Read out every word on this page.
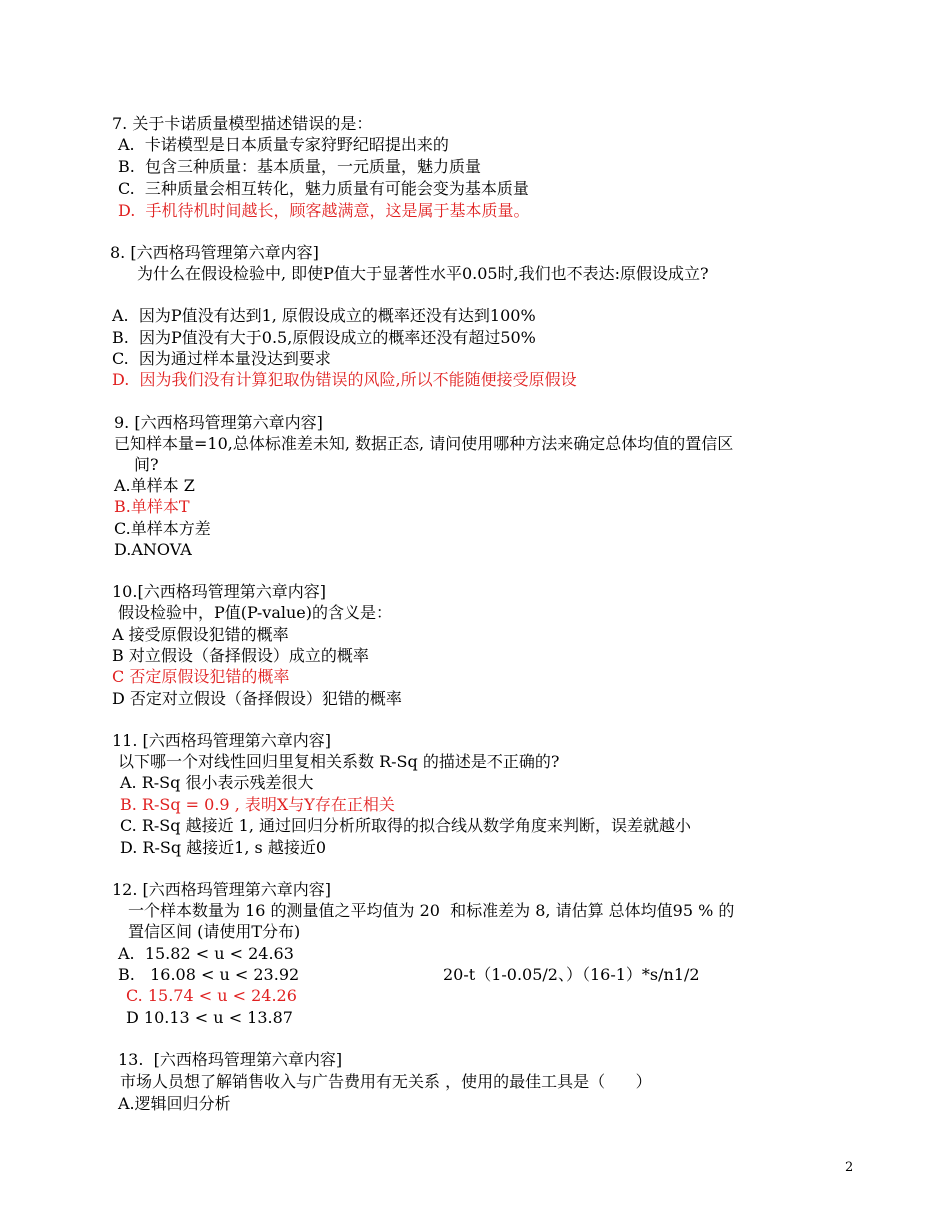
7. 关于卡诺质量模型描述错误的是：
A.  卡诺模型是日本质量专家狩野纪昭提出来的
B.  包含三种质量：基本质量，一元质量，魅力质量
C.  三种质量会相互转化，魅力质量有可能会变为基本质量
D.  手机待机时间越长，顾客越满意，这是属于基本质量。
8. [六西格玛管理第六章内容]
为什么在假设检验中, 即使P值大于显著性水平0.05时,我们也不表达:原假设成立?
A.  因为P值没有达到1, 原假设成立的概率还没有达到100%
B.  因为P值没有大于0.5,原假设成立的概率还没有超过50%
C.  因为通过样本量没达到要求
D.  因为我们没有计算犯取伪错误的风险,所以不能随便接受原假设
9. [六西格玛管理第六章内容]
已知样本量=10,总体标准差未知, 数据正态, 请问使用哪种方法来确定总体均值的置信区
间?
A.单样本 Z
B.单样本T
C.单样本方差
D.ANOVA
10.[六西格玛管理第六章内容]
假设检验中，P值(P-value)的含义是：
A 接受原假设犯错的概率
B 对立假设（备择假设）成立的概率
C 否定原假设犯错的概率
D 否定对立假设（备择假设）犯错的概率
11. [六西格玛管理第六章内容]
以下哪一个对线性回归里复相关系数 R-Sq 的描述是不正确的?
A. R-Sq 很小表示残差很大
B. R-Sq = 0.9 , 表明X与Y存在正相关
C. R-Sq 越接近 1, 通过回归分析所取得的拟合线从数学角度来判断，误差就越小
D. R-Sq 越接近1, s 越接近0
12. [六西格玛管理第六章内容]
一个样本数量为 16 的测量值之平均值为 20  和标准差为 8, 请估算 总体均值95 % 的
置信区间 (请使用T分布)
A.  15.82 < u < 24.63
B.   16.08 < u < 23.92	20-t（1-0.05/2、）（16-1）*s/n1/2
C. 15.74 < u < 24.26
D 10.13 < u < 13.87
13.  [六西格玛管理第六章内容]
市场人员想了解销售收入与广告费用有无关系 ，使用的最佳工具是（      ）
A.逻辑回归分析
2
